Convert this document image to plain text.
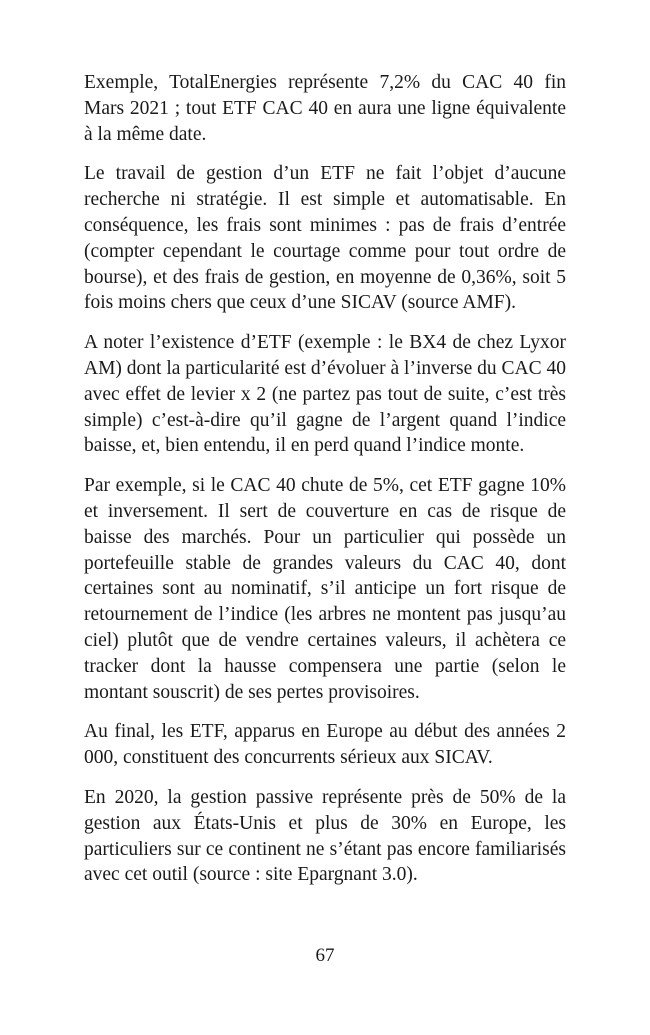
Exemple, TotalEnergies représente 7,2% du CAC 40 fin Mars 2021 ; tout ETF CAC 40 en aura une ligne équivalente à la même date.

Le travail de gestion d’un ETF ne fait l’objet d’aucune recherche ni stratégie. Il est simple et automatisable. En conséquence, les frais sont minimes : pas de frais d’entrée (compter cependant le courtage comme pour tout ordre de bourse), et des frais de gestion, en moyenne de 0,36%, soit 5 fois moins chers que ceux d’une SICAV (source AMF).

A noter l’existence d’ETF (exemple : le BX4 de chez Lyxor AM) dont la particularité est d’évoluer à l’inverse du CAC 40 avec effet de levier x 2 (ne partez pas tout de suite, c’est très simple) c’est-à-dire qu’il gagne de l’argent quand l’indice baisse, et, bien entendu, il en perd quand l’indice monte.

Par exemple, si le CAC 40 chute de 5%, cet ETF gagne 10% et inversement. Il sert de couverture en cas de risque de baisse des marchés. Pour un particulier qui possède un portefeuille stable de grandes valeurs du CAC 40, dont certaines sont au nominatif, s’il anticipe un fort risque de retournement de l’indice (les arbres ne montent pas jusqu’au ciel) plutôt que de vendre certaines valeurs, il achètera ce tracker dont la hausse compensera une partie (selon le montant souscrit) de ses pertes provisoires.

Au final, les ETF, apparus en Europe au début des années 2 000, constituent des concurrents sérieux aux SICAV.

En 2020, la gestion passive représente près de 50% de la gestion aux États-Unis et plus de 30% en Europe, les particuliers sur ce continent ne s’étant pas encore familiarisés avec cet outil (source : site Epargnant 3.0).

67
